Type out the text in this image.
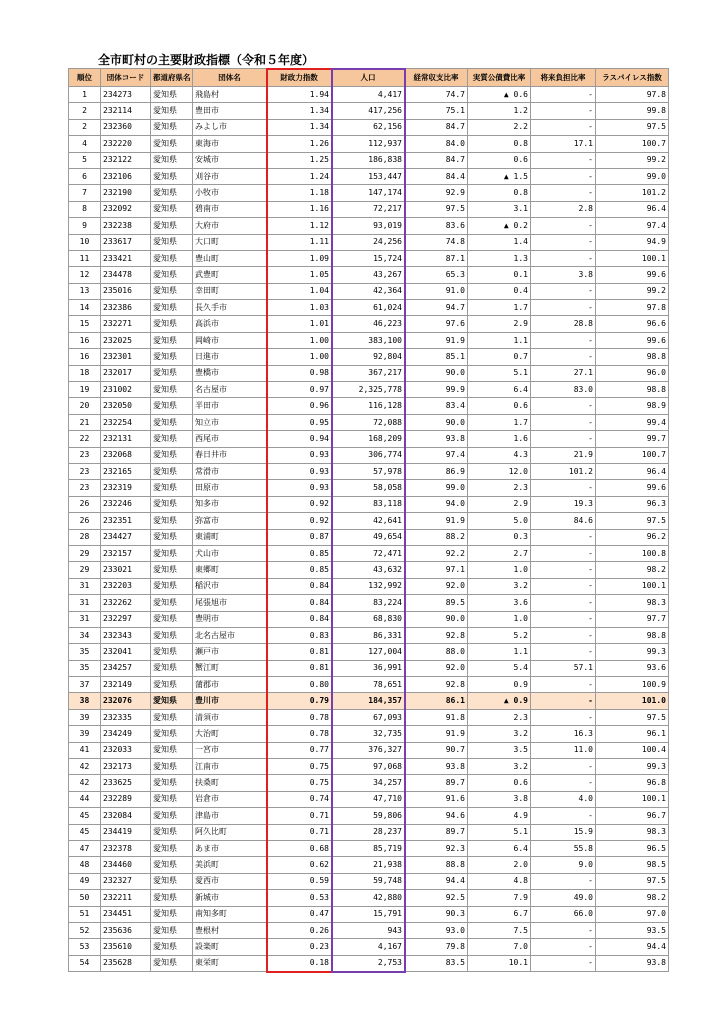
全市町村の主要財政指標（令和５年度）
順位	団体コード	都道府県名	団体名	財政力指数	人口	経常収支比率	実質公債費比率	将来負担比率	ラスパイレス指数
1	234273	愛知県	飛島村	1.94	4,417	74.7	▲ 0.6	-	97.8
2	232114	愛知県	豊田市	1.34	417,256	75.1	1.2	-	99.8
2	232360	愛知県	みよし市	1.34	62,156	84.7	2.2	-	97.5
4	232220	愛知県	東海市	1.26	112,937	84.0	0.8	17.1	100.7
5	232122	愛知県	安城市	1.25	186,838	84.7	0.6	-	99.2
6	232106	愛知県	刈谷市	1.24	153,447	84.4	▲ 1.5	-	99.0
7	232190	愛知県	小牧市	1.18	147,174	92.9	0.8	-	101.2
8	232092	愛知県	碧南市	1.16	72,217	97.5	3.1	2.8	96.4
9	232238	愛知県	大府市	1.12	93,019	83.6	▲ 0.2	-	97.4
10	233617	愛知県	大口町	1.11	24,256	74.8	1.4	-	94.9
11	233421	愛知県	豊山町	1.09	15,724	87.1	1.3	-	100.1
12	234478	愛知県	武豊町	1.05	43,267	65.3	0.1	3.8	99.6
13	235016	愛知県	幸田町	1.04	42,364	91.0	0.4	-	99.2
14	232386	愛知県	長久手市	1.03	61,024	94.7	1.7	-	97.8
15	232271	愛知県	高浜市	1.01	46,223	97.6	2.9	28.8	96.6
16	232025	愛知県	岡崎市	1.00	383,100	91.9	1.1	-	99.6
16	232301	愛知県	日進市	1.00	92,804	85.1	0.7	-	98.8
18	232017	愛知県	豊橋市	0.98	367,217	90.0	5.1	27.1	96.0
19	231002	愛知県	名古屋市	0.97	2,325,778	99.9	6.4	83.0	98.8
20	232050	愛知県	半田市	0.96	116,128	83.4	0.6	-	98.9
21	232254	愛知県	知立市	0.95	72,088	90.0	1.7	-	99.4
22	232131	愛知県	西尾市	0.94	168,209	93.8	1.6	-	99.7
23	232068	愛知県	春日井市	0.93	306,774	97.4	4.3	21.9	100.7
23	232165	愛知県	常滑市	0.93	57,978	86.9	12.0	101.2	96.4
23	232319	愛知県	田原市	0.93	58,058	99.0	2.3	-	99.6
26	232246	愛知県	知多市	0.92	83,118	94.0	2.9	19.3	96.3
26	232351	愛知県	弥富市	0.92	42,641	91.9	5.0	84.6	97.5
28	234427	愛知県	東浦町	0.87	49,654	88.2	0.3	-	96.2
29	232157	愛知県	犬山市	0.85	72,471	92.2	2.7	-	100.8
29	233021	愛知県	東郷町	0.85	43,632	97.1	1.0	-	98.2
31	232203	愛知県	稲沢市	0.84	132,992	92.0	3.2	-	100.1
31	232262	愛知県	尾張旭市	0.84	83,224	89.5	3.6	-	98.3
31	232297	愛知県	豊明市	0.84	68,830	90.0	1.0	-	97.7
34	232343	愛知県	北名古屋市	0.83	86,331	92.8	5.2	-	98.8
35	232041	愛知県	瀬戸市	0.81	127,004	88.0	1.1	-	99.3
35	234257	愛知県	蟹江町	0.81	36,991	92.0	5.4	57.1	93.6
37	232149	愛知県	蒲郡市	0.80	78,651	92.8	0.9	-	100.9
38	232076	愛知県	豊川市	0.79	184,357	86.1	▲ 0.9	-	101.0
39	232335	愛知県	清須市	0.78	67,093	91.8	2.3	-	97.5
39	234249	愛知県	大治町	0.78	32,735	91.9	3.2	16.3	96.1
41	232033	愛知県	一宮市	0.77	376,327	90.7	3.5	11.0	100.4
42	232173	愛知県	江南市	0.75	97,068	93.8	3.2	-	99.3
42	233625	愛知県	扶桑町	0.75	34,257	89.7	0.6	-	96.8
44	232289	愛知県	岩倉市	0.74	47,710	91.6	3.8	4.0	100.1
45	232084	愛知県	津島市	0.71	59,806	94.6	4.9	-	96.7
45	234419	愛知県	阿久比町	0.71	28,237	89.7	5.1	15.9	98.3
47	232378	愛知県	あま市	0.68	85,719	92.3	6.4	55.8	96.5
48	234460	愛知県	美浜町	0.62	21,938	88.8	2.0	9.0	98.5
49	232327	愛知県	愛西市	0.59	59,748	94.4	4.8	-	97.5
50	232211	愛知県	新城市	0.53	42,880	92.5	7.9	49.0	98.2
51	234451	愛知県	南知多町	0.47	15,791	90.3	6.7	66.0	97.0
52	235636	愛知県	豊根村	0.26	943	93.0	7.5	-	93.5
53	235610	愛知県	設楽町	0.23	4,167	79.8	7.0	-	94.4
54	235628	愛知県	東栄町	0.18	2,753	83.5	10.1	-	93.8
